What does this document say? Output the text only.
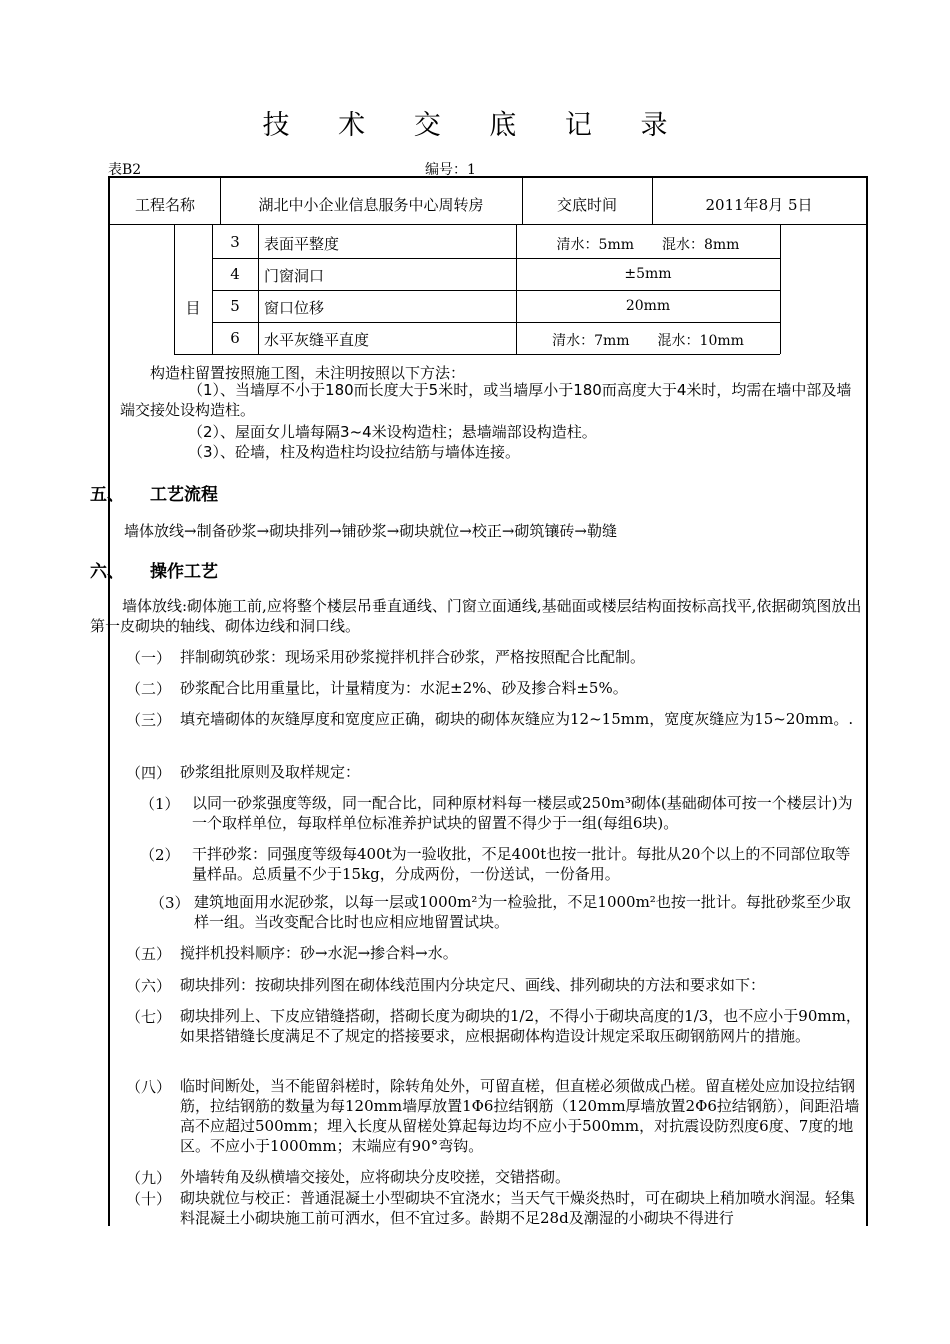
技 术 交 底 记 录
表B2	编号：1
工程名称	湖北中小企业信息服务中心周转房	交底时间	2011年8月 5日
目
3	表面平整度	清水：5mm　　混水：8mm
4	门窗洞口	±5mm
5	窗口位移	20mm
6	水平灰缝平直度	清水：7mm　　混水：10mm
构造柱留置按照施工图，未注明按照以下方法：
（1）、当墙厚不小于180而长度大于5米时，或当墙厚小于180而高度大于4米时，均需在墙中部及墙端交接处设构造柱。
（2）、屋面女儿墙每隔3~4米设构造柱；悬墙端部设构造柱。
（3）、砼墙，柱及构造柱均设拉结筋与墙体连接。
五、 工艺流程
墙体放线→制备砂浆→砌块排列→铺砂浆→砌块就位→校正→砌筑镶砖→勒缝
六、 操作工艺
墙体放线:砌体施工前,应将整个楼层吊垂直通线、门窗立面通线,基础面或楼层结构面按标高找平,依据砌筑图放出第一皮砌块的轴线、砌体边线和洞口线。
（一） 拌制砌筑砂浆：现场采用砂浆搅拌机拌合砂浆，严格按照配合比配制。
（二） 砂浆配合比用重量比，计量精度为：水泥±2%、砂及掺合料±5%。
（三） 填充墙砌体的灰缝厚度和宽度应正确，砌块的砌体灰缝应为12~15mm，宽度灰缝应为15~20mm。.
（四） 砂浆组批原则及取样规定：
（1） 以同一砂浆强度等级，同一配合比，同种原材料每一楼层或250m³砌体(基础砌体可按一个楼层计)为一个取样单位，每取样单位标准养护试块的留置不得少于一组(每组6块)。
（2） 干拌砂浆：同强度等级每400t为一验收批，不足400t也按一批计。每批从20个以上的不同部位取等量样品。总质量不少于15kg，分成两份，一份送试，一份备用。
（3） 建筑地面用水泥砂浆，以每一层或1000m²为一检验批，不足1000m²也按一批计。每批砂浆至少取样一组。当改变配合比时也应相应地留置试块。
（五） 搅拌机投料顺序：砂→水泥→掺合料→水。
（六） 砌块排列：按砌块排列图在砌体线范围内分块定尺、画线、排列砌块的方法和要求如下：
（七） 砌块排列上、下皮应错缝搭砌，搭砌长度为砌块的1/2，不得小于砌块高度的1/3，也不应小于90mm，如果搭错缝长度满足不了规定的搭接要求，应根据砌体构造设计规定采取压砌钢筋网片的措施。
（八） 临时间断处，当不能留斜槎时，除转角处外，可留直槎，但直槎必须做成凸槎。留直槎处应加设拉结钢筋，拉结钢筋的数量为每120mm墙厚放置1Φ6拉结钢筋（120mm厚墙放置2Φ6拉结钢筋），间距沿墙高不应超过500mm；埋入长度从留槎处算起每边均不应小于500mm，对抗震设防烈度6度、7度的地区。不应小于1000mm；末端应有90°弯钩。
（九） 外墙转角及纵横墙交接处，应将砌块分皮咬搓，交错搭砌。
（十） 砌块就位与校正：普通混凝土小型砌块不宜浇水；当天气干燥炎热时，可在砌块上稍加喷水润湿。轻集料混凝土小砌块施工前可洒水，但不宜过多。龄期不足28d及潮湿的小砌块不得进行
